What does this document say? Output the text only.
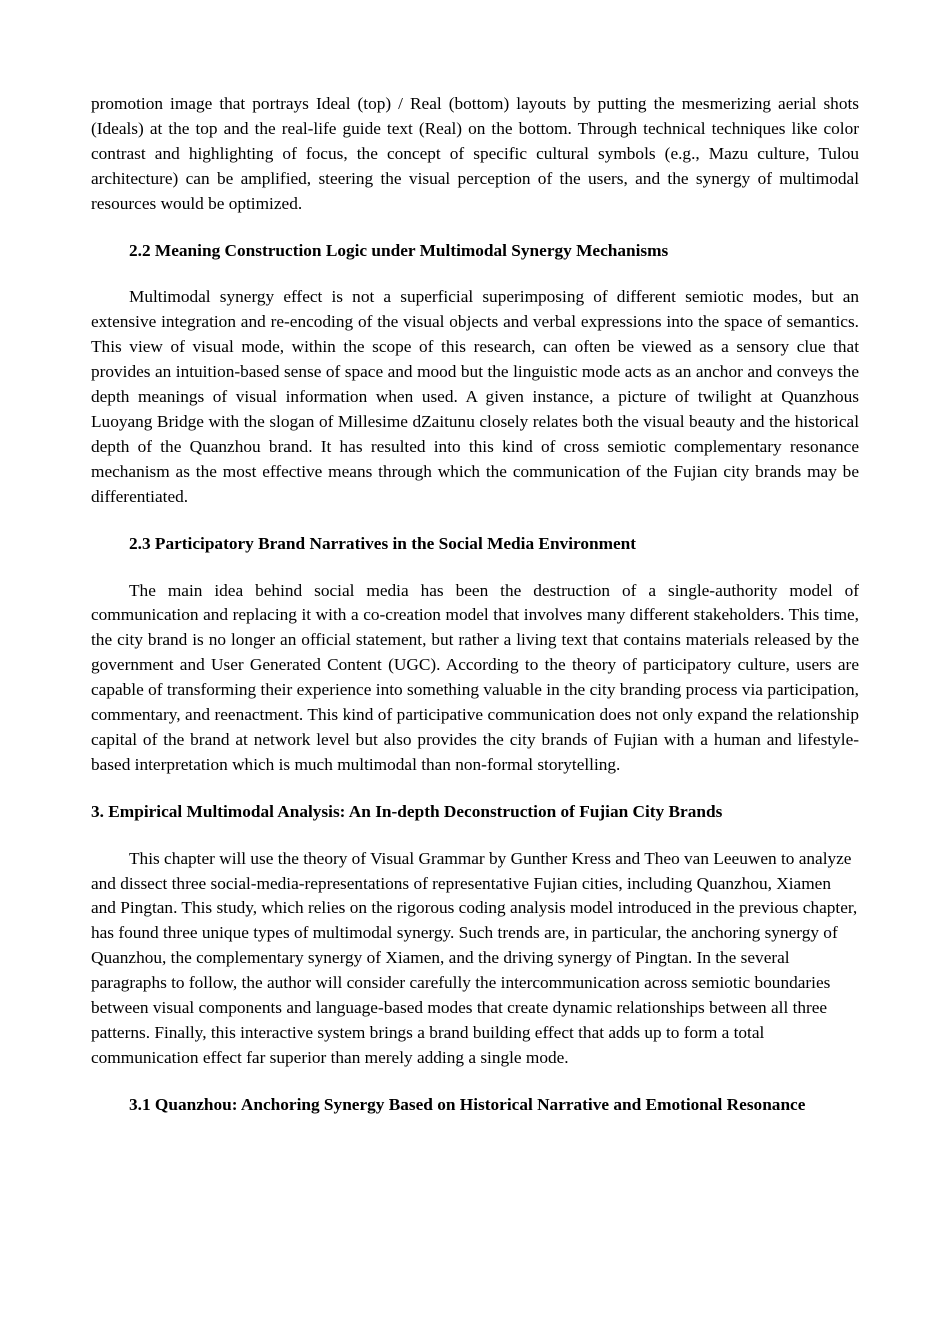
promotion image that portrays Ideal (top) / Real (bottom) layouts by putting the mesmerizing aerial shots (Ideals) at the top and the real-life guide text (Real) on the bottom. Through technical techniques like color contrast and highlighting of focus, the concept of specific cultural symbols (e.g., Mazu culture, Tulou architecture) can be amplified, steering the visual perception of the users, and the synergy of multimodal resources would be optimized.

2.2 Meaning Construction Logic under Multimodal Synergy Mechanisms

Multimodal synergy effect is not a superficial superimposing of different semiotic modes, but an extensive integration and re-encoding of the visual objects and verbal expressions into the space of semantics. This view of visual mode, within the scope of this research, can often be viewed as a sensory clue that provides an intuition-based sense of space and mood but the linguistic mode acts as an anchor and conveys the depth meanings of visual information when used. A given instance, a picture of twilight at Quanzhous Luoyang Bridge with the slogan of Millesime dZaitunu closely relates both the visual beauty and the historical depth of the Quanzhou brand. It has resulted into this kind of cross semiotic complementary resonance mechanism as the most effective means through which the communication of the Fujian city brands may be differentiated.

2.3 Participatory Brand Narratives in the Social Media Environment

The main idea behind social media has been the destruction of a single-authority model of communication and replacing it with a co-creation model that involves many different stakeholders. This time, the city brand is no longer an official statement, but rather a living text that contains materials released by the government and User Generated Content (UGC). According to the theory of participatory culture, users are capable of transforming their experience into something valuable in the city branding process via participation, commentary, and reenactment. This kind of participative communication does not only expand the relationship capital of the brand at network level but also provides the city brands of Fujian with a human and lifestyle-based interpretation which is much multimodal than non-formal storytelling.

3. Empirical Multimodal Analysis: An In-depth Deconstruction of Fujian City Brands

This chapter will use the theory of Visual Grammar by Gunther Kress and Theo van Leeuwen to analyze and dissect three social-media-representations of representative Fujian cities, including Quanzhou, Xiamen and Pingtan. This study, which relies on the rigorous coding analysis model introduced in the previous chapter, has found three unique types of multimodal synergy. Such trends are, in particular, the anchoring synergy of Quanzhou, the complementary synergy of Xiamen, and the driving synergy of Pingtan. In the several paragraphs to follow, the author will consider carefully the intercommunication across semiotic boundaries between visual components and language-based modes that create dynamic relationships between all three patterns. Finally, this interactive system brings a brand building effect that adds up to form a total communication effect far superior than merely adding a single mode.

3.1 Quanzhou: Anchoring Synergy Based on Historical Narrative and Emotional Resonance
